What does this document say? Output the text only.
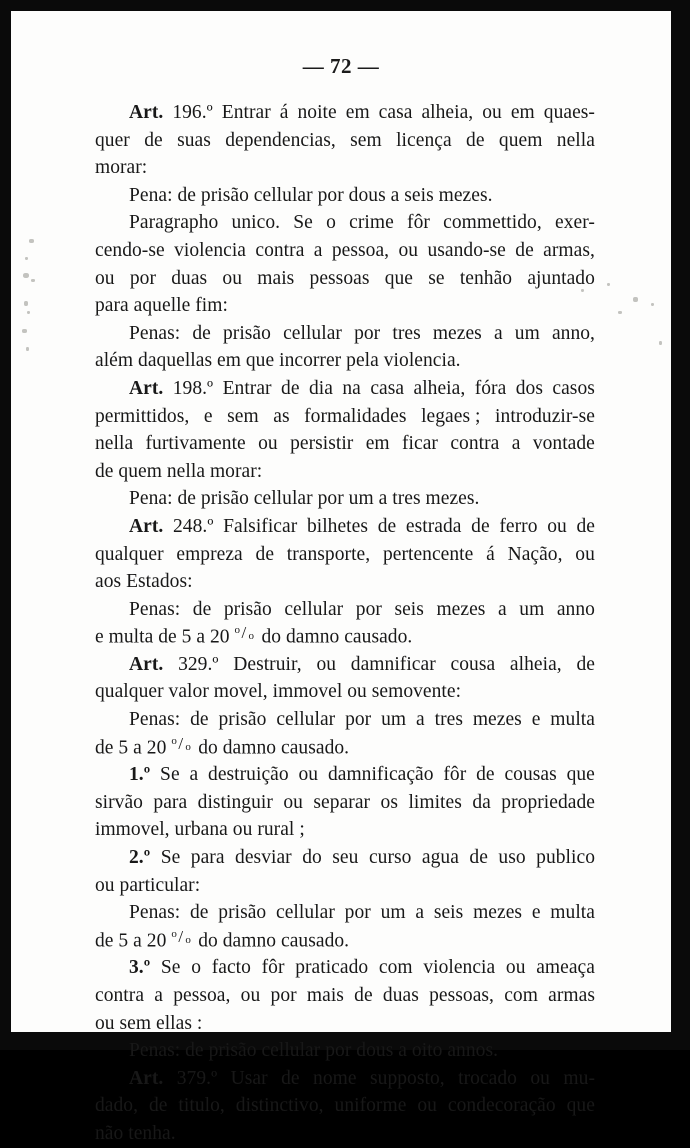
— 72 —
Art. 196.º Entrar á noite em casa alheia, ou em quaes-
quer de suas dependencias, sem licença de quem nella
morar:
Pena: de prisão cellular por dous a seis mezes.
Paragrapho unico. Se o crime fôr commettido, exer-
cendo-se violencia contra a pessoa, ou usando-se de armas,
ou por duas ou mais pessoas que se tenhão ajuntado
para aquelle fim:
Penas: de prisão cellular por tres mezes a um anno,
além daquellas em que incorrer pela violencia.
Art. 198.º Entrar de dia na casa alheia, fóra dos casos
permittidos, e sem as formalidades legaes ; introduzir-se
nella furtivamente ou persistir em ficar contra a vontade
de quem nella morar:
Pena: de prisão cellular por um a tres mezes.
Art. 248.º Falsificar bilhetes de estrada de ferro ou de
qualquer empreza de transporte, pertencente á Nação, ou
aos Estados:
Penas: de prisão cellular por seis mezes a um anno
e multa de 5 a 20 o / o do damno causado.
Art. 329.º Destruir, ou damnificar cousa alheia, de
qualquer valor movel, immovel ou semovente:
Penas: de prisão cellular por um a tres mezes e multa
de 5 a 20 o / o do damno causado.
1.º Se a destruição ou damnificação fôr de cousas que
sirvão para distinguir ou separar os limites da propriedade
immovel, urbana ou rural ;
2.º Se para desviar do seu curso agua de uso publico
ou particular:
Penas: de prisão cellular por um a seis mezes e multa
de 5 a 20 o / o do damno causado.
3.º Se o facto fôr praticado com violencia ou ameaça
contra a pessoa, ou por mais de duas pessoas, com armas
ou sem ellas :
Penas: de prisão cellular por dous a oito annos.
Art. 379.º Usar de nome supposto, trocado ou mu-
dado, de titulo, distinctivo, uniforme ou condecoração que
não tenha.
